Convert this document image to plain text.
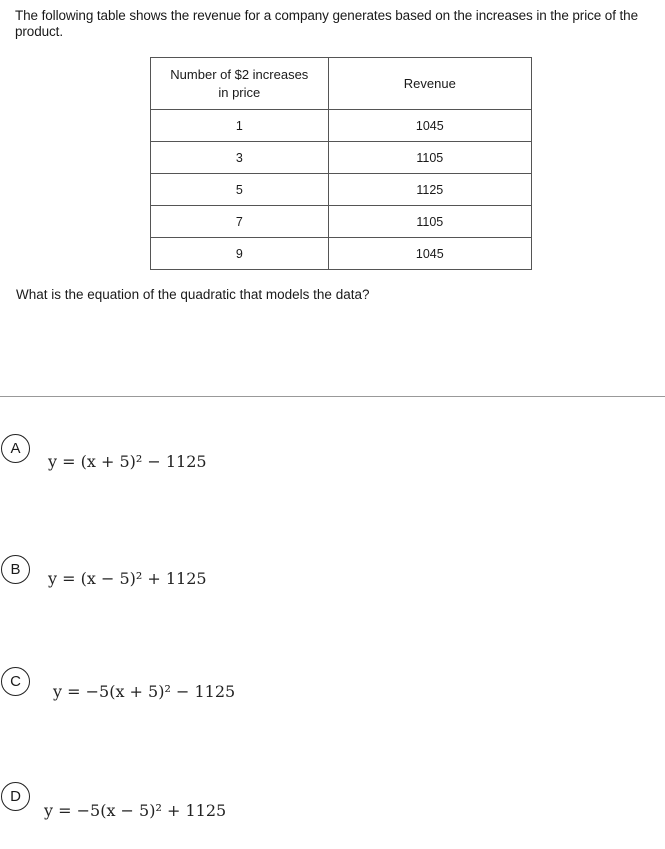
The following table shows the revenue for a company generates based on the increases in the price of the product.
Number of $2 increases in price	Revenue
1	1045
3	1105
5	1125
7	1105
9	1045
What is the equation of the quadratic that models the data?
A
y = (x + 5)² − 1125
B	y = (x − 5)² + 1125
C
y = −5(x + 5)² − 1125
D
y = −5(x − 5)² + 1125
